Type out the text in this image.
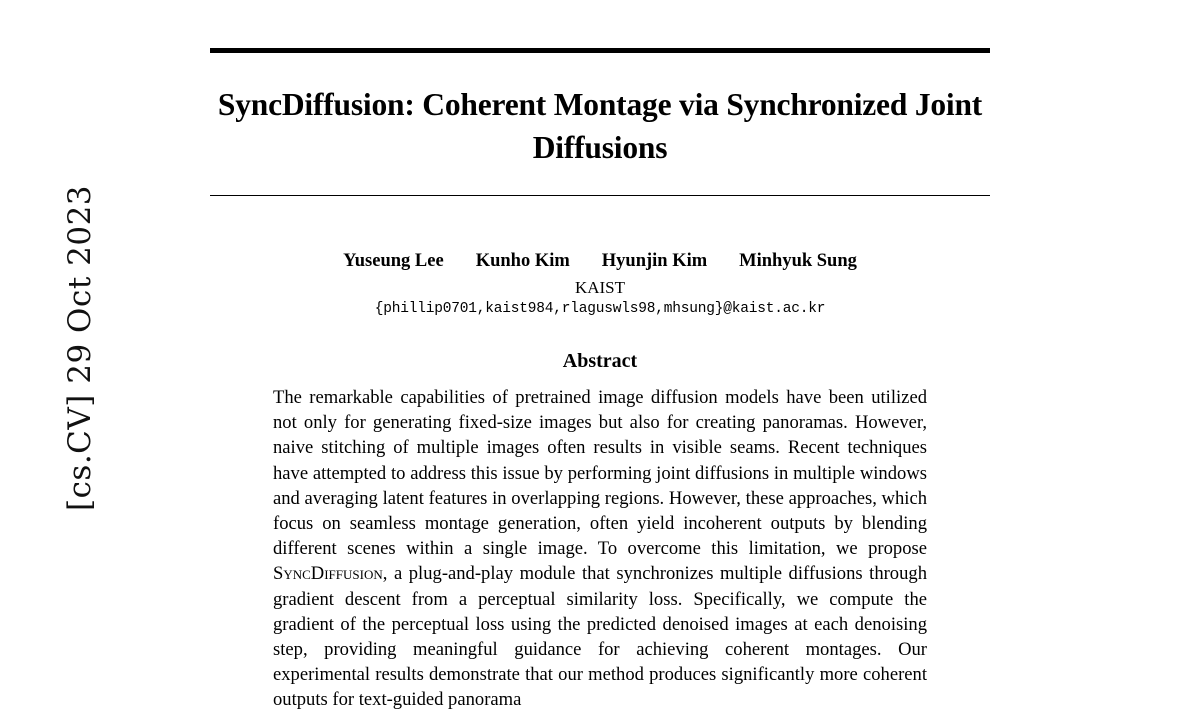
[cs.CV] 29 Oct 2023
SyncDiffusion: Coherent Montage via Synchronized Joint Diffusions
Yuseung Lee Kunho Kim Hyunjin Kim Minhyuk Sung
KAIST
{phillip0701,kaist984,rlaguswls98,mhsung}@kaist.ac.kr
Abstract
The remarkable capabilities of pretrained image diffusion models have been utilized not only for generating fixed-size images but also for creating panoramas. However, naive stitching of multiple images often results in visible seams. Recent techniques have attempted to address this issue by performing joint diffusions in multiple windows and averaging latent features in overlapping regions. However, these approaches, which focus on seamless montage generation, often yield incoherent outputs by blending different scenes within a single image. To overcome this limitation, we propose SyncDiffusion, a plug-and-play module that synchronizes multiple diffusions through gradient descent from a perceptual similarity loss. Specifically, we compute the gradient of the perceptual loss using the predicted denoised images at each denoising step, providing meaningful guidance for achieving coherent montages. Our experimental results demonstrate that our method produces significantly more coherent outputs for text-guided panorama
